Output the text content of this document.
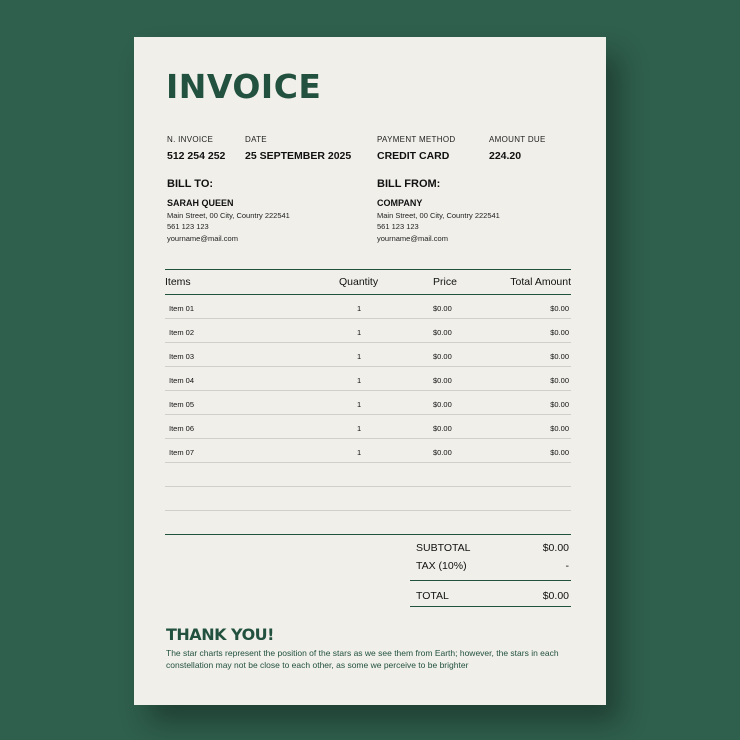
INVOICE
N. INVOICE
512 254 252
DATE
25 SEPTEMBER 2025
PAYMENT METHOD
CREDIT CARD
AMOUNT DUE
224.20
BILL TO:
SARAH QUEEN
Main Street, 00 City, Country 222541
561 123 123
yourname@mail.com
BILL FROM:
COMPANY
Main Street, 00 City, Country 222541
561 123 123
yourname@mail.com
Items	Quantity	Price	Total Amount
Item 01	1	$0.00	$0.00
Item 02	1	$0.00	$0.00
Item 03	1	$0.00	$0.00
Item 04	1	$0.00	$0.00
Item 05	1	$0.00	$0.00
Item 06	1	$0.00	$0.00
Item 07	1	$0.00	$0.00
SUBTOTAL	$0.00
TAX (10%)	-
TOTAL	$0.00
THANK YOU!
The star charts represent the position of the stars as we see them from Earth; however, the stars in each constellation may not be close to each other, as some we perceive to be brighter
